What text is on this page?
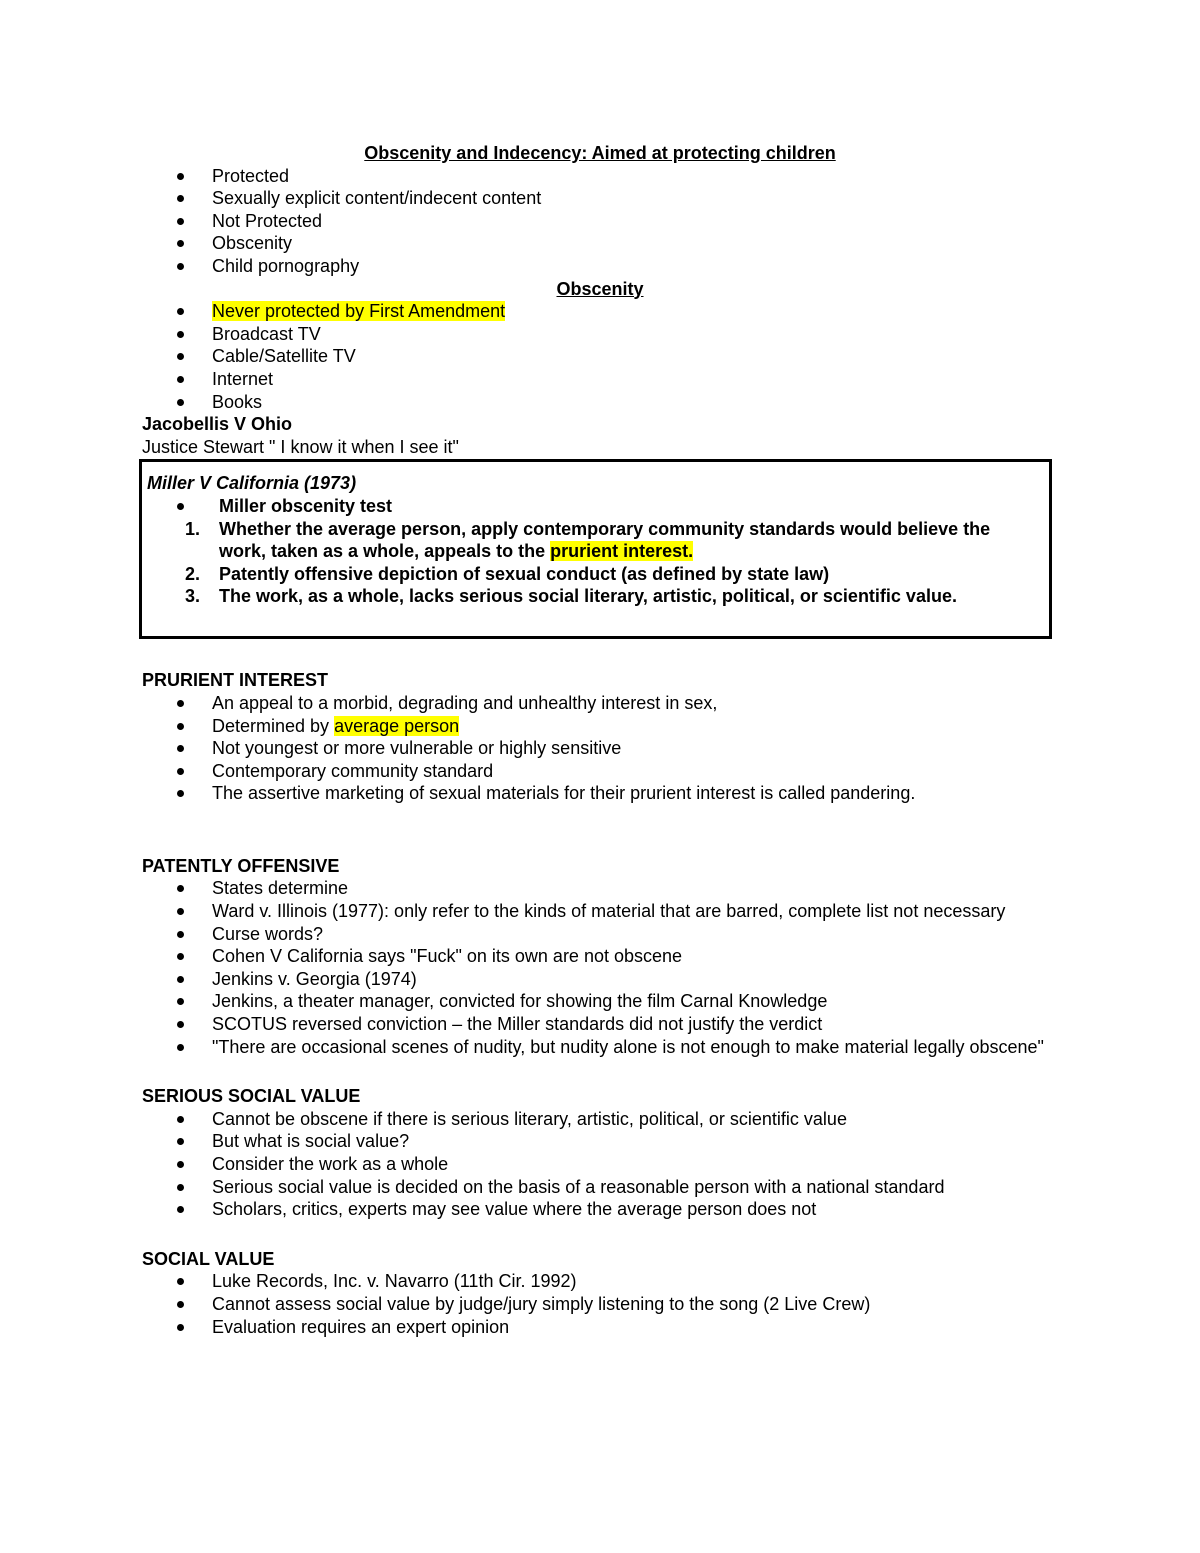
Obscenity and Indecency: Aimed at protecting children
Protected
Sexually explicit content/indecent content
Not Protected
Obscenity
Child pornography
Obscenity
Never protected by First Amendment
Broadcast TV
Cable/Satellite TV
Internet
Books
Jacobellis V Ohio
Justice Stewart " I know it when I see it"
Miller V California (1973)
Miller obscenity test
1. Whether the average person, apply contemporary community standards would believe the work, taken as a whole, appeals to the prurient interest.
2. Patently offensive depiction of sexual conduct (as defined by state law)
3. The work, as a whole, lacks serious social literary, artistic, political, or scientific value.
PRURIENT INTEREST
An appeal to a morbid, degrading and unhealthy interest in sex,
Determined by average person
Not youngest or more vulnerable or highly sensitive
Contemporary community standard
The assertive marketing of sexual materials for their prurient interest is called pandering.
PATENTLY OFFENSIVE
States determine
Ward v. Illinois (1977): only refer to the kinds of material that are barred, complete list not necessary
Curse words?
Cohen V California says "Fuck" on its own are not obscene
Jenkins v. Georgia (1974)
Jenkins, a theater manager, convicted for showing the film Carnal Knowledge
SCOTUS reversed conviction – the Miller standards did not justify the verdict
"There are occasional scenes of nudity, but nudity alone is not enough to make material legally obscene"
SERIOUS SOCIAL VALUE
Cannot be obscene if there is serious literary, artistic, political, or scientific value
But what is social value?
Consider the work as a whole
Serious social value is decided on the basis of a reasonable person with a national standard
Scholars, critics, experts may see value where the average person does not
SOCIAL VALUE
Luke Records, Inc. v. Navarro (11th Cir. 1992)
Cannot assess social value by judge/jury simply listening to the song (2 Live Crew)
Evaluation requires an expert opinion
